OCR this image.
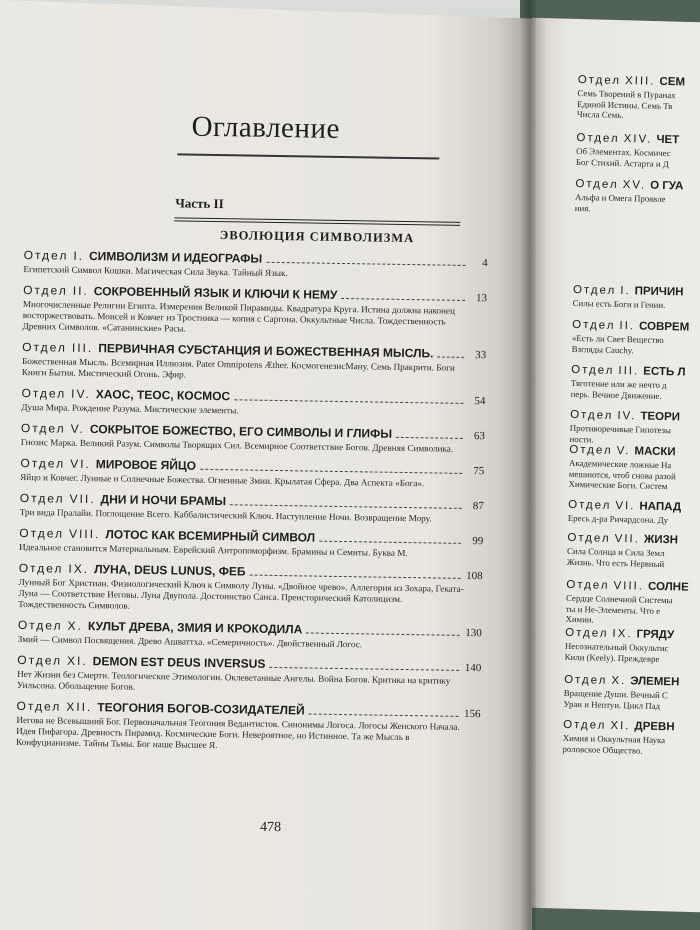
Оглавление
Часть II
ЭВОЛЮЦИЯ СИМВОЛИЗМА
Отдел I. СИМВОЛИЗМ И ИДЕОГРАФЫ	4
Египетский Символ Кошки. Магическая Сила Звука. Тайный Язык.
Отдел II. СОКРОВЕННЫЙ ЯЗЫК И КЛЮЧИ К НЕМУ	13
Многочисленные Религии Египта. Измерения Великой Пирамиды. Квадратура Круга. Истина должна наконец восторжествовать. Моисей и Ковчег из Тростника — копия с Саргона. Оккультные Числа. Тождественность Древних Символов. «Сатанинские» Расы.
Отдел III. ПЕРВИЧНАЯ СУБСТАНЦИЯ И БОЖЕСТВЕННАЯ МЫСЛЬ.	33
Божественная Мысль. Всемирная Иллюзия. Pater Omnipotens Æther. КосмогенезисМану. Семь Пракрити. Боги Книги Бытия. Мистический Огонь. Эфир.
Отдел IV. ХАОС, ТЕОС, КОСМОС	54
Душа Мира. Рождение Разума. Мистические элементы.
Отдел V. СОКРЫТОЕ БОЖЕСТВО, ЕГО СИМВОЛЫ И ГЛИФЫ	63
Гнозис Марка. Великий Разум. Символы Творящих Сил. Всемирное Соответствие Богов. Древняя Символика.
Отдел VI. МИРОВОЕ ЯЙЦО	75
Яйцо и Ковчег. Лунные и Солнечные Божества. Огненные Змии. Крылатая Сфера. Два Аспекта «Бога».
Отдел VII. ДНИ И НОЧИ БРАМЫ	87
Три вида Пралайи. Поглощение Всего. Каббалистический Ключ. Наступление Ночи. Возвращение Мору.
Отдел VIII. ЛОТОС КАК ВСЕМИРНЫЙ СИМВОЛ	99
Идеальное становится Материальным. Еврейский Антропоморфизм. Брамины и Семиты. Буква М.
Отдел IX. ЛУНА, DEUS LUNUS, ФЕБ	108
Лунный Бог Христиан. Физиологический Ключ к Символу Луны. «Двойное чрево». Аллегория из Зохара, Геката-Луна — Соответствие Иеговы. Луна Двупола. Достоинство Санса. Преисторический Католицизм. Тождественность Символов.
Отдел X. КУЛЬТ ДРЕВА, ЗМИЯ И КРОКОДИЛА	130
Змий — Символ Посвящения. Древо Ашваттха. «Семеричность». Двойственный Логос.
Отдел XI. DEMON EST DEUS INVERSUS	140
Нет Жизни без Смерти. Теологические Этимологии. Оклеветанные Ангелы. Война Богов. Критика на критику Уильсона. Обольщение Богов.
Отдел XII. ТЕОГОНИЯ БОГОВ-СОЗИДАТЕЛЕЙ	156
Иегова не Всевышний Бог. Первоначальная Теогония Ведантистов. Синонимы Логоса. Логосы Женского Начала. Идея Пифагора. Древность Пирамид. Космические Боги. Невероятное, но Истинное. Та же Мысль в Конфуцианизме. Тайны Тьмы. Бог наше Высшее Я.
478
Отдел XIII. СЕМ
Семь Творений в Пуранах
Единой Истины. Семь Тв
Числа Семь.
Отдел XIV. ЧЕТ
Об Элементах. Космичес
Бог Стихий. Астарта и Д
Отдел XV. О ГУА
Альфа и Омега Проявле
ния.
Отдел I. ПРИЧИН
Силы есть Боги и Гении.
Отдел II. СОВРЕМ
«Есть ли Свет Вещество
Взгляды Cauchy.
Отдел III. ЕСТЬ Л
Тяготение или же нечто д
перь. Вечное Движение.
Отдел IV. ТЕОРИ
Противоречивые Гипотезы
ности.
Отдел V. МАСКИ
Академические ложные На
мешиются, чтоб снова разой
Химические Боги. Систем
Отдел VI. НАПАД
Ересь д-ра Ричардсона. Ду
Отдел VII. ЖИЗН
Сила Солнца и Сила Земл
Жизнь. Что есть Нервный
Отдел VIII. СОЛНЕ
Сердце Солнечной Системы
ты и Не-Элементы. Что е
Химии.
Отдел IX. ГРЯДУ
Несознательный Оккультис
Кили (Keely). Преждевре
Отдел X. ЭЛЕМЕН
Вращение Души. Вечный С
Уран и Нептун. Цикл Пад
Отдел XI. ДРЕВН
Химия и Оккультная Наука
роловское Общество.
